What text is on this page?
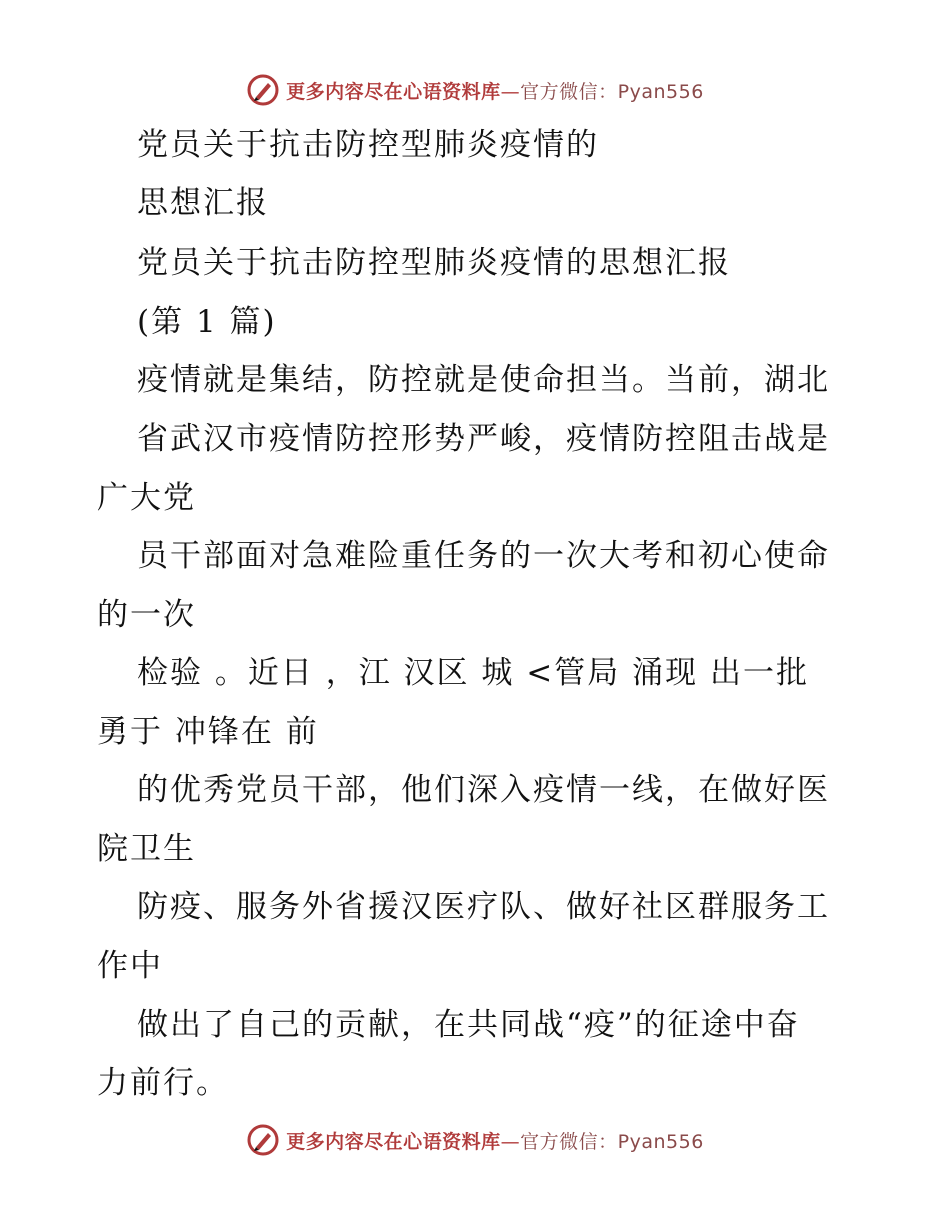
更多内容尽在心语资料库—官方微信：Pyan556
党员关于抗击防控型肺炎疫情的
思想汇报
党员关于抗击防控型肺炎疫情的思想汇报
(第 1 篇)
疫情就是集结，防控就是使命担当。当前，湖北
省武汉市疫情防控形势严峻，疫情防控阻击战是
广大党
员干部面对急难险重任务的一次大考和初心使命
的一次
检验 。近日 ，江 汉区 城 <管局 涌现 出一批
勇于 冲锋在 前
的优秀党员干部，他们深入疫情一线，在做好医
院卫生
防疫、服务外省援汉医疗队、做好社区群服务工
作中
做出了自己的贡献，在共同战“疫”的征途中奋
力前行。
更多内容尽在心语资料库—官方微信：Pyan556
